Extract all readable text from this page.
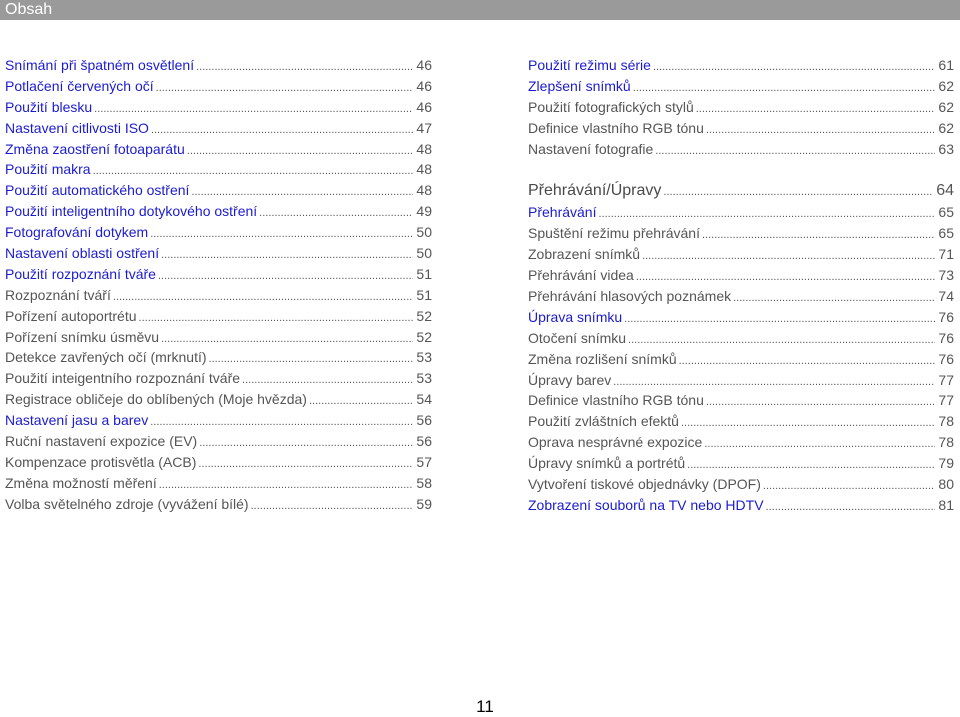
Obsah
Snímání při špatném osvětlení .....	46
Potlačení červených očí .....	46
Použití blesku .....	46
Nastavení citlivosti ISO .....	47
Změna zaostření fotoaparátu .....	48
Použití makra .....	48
Použití automatického ostření .....	48
Použití inteligentního dotykového ostření .....	49
Fotografování dotykem .....	50
Nastavení oblasti ostření .....	50
Použití rozpoznání tváře .....	51
Rozpoznání tváří .....	51
Pořízení autoportrétu .....	52
Pořízení snímku úsměvu .....	52
Detekce zavřených očí (mrknutí) .....	53
Použití inteigentního rozpoznání tváře .....	53
Registrace obličeje do oblíbených (Moje hvězda) .....	54
Nastavení jasu a barev .....	56
Ruční nastavení expozice (EV) .....	56
Kompenzace protisvětla (ACB) .....	57
Změna možností měření .....	58
Volba světelného zdroje (vyvážení bílé) .....	59
Použití režimu série .....	61
Zlepšení snímků .....	62
Použití fotografických stylů .....	62
Definice vlastního RGB tónu .....	62
Nastavení fotografie .....	63
Přehrávání/Úpravy .....	64
Přehrávání .....	65
Spuštění režimu přehrávání .....	65
Zobrazení snímků .....	71
Přehrávání videa .....	73
Přehrávání hlasových poznámek .....	74
Úprava snímku .....	76
Otočení snímku .....	76
Změna rozlišení snímků .....	76
Úpravy barev .....	77
Definice vlastního RGB tónu .....	77
Použití zvláštních efektů .....	78
Oprava nesprávné expozice .....	78
Úpravy snímků a portrétů .....	79
Vytvoření tiskové objednávky (DPOF) .....	80
Zobrazení souborů na TV nebo HDTV .....	81
11
